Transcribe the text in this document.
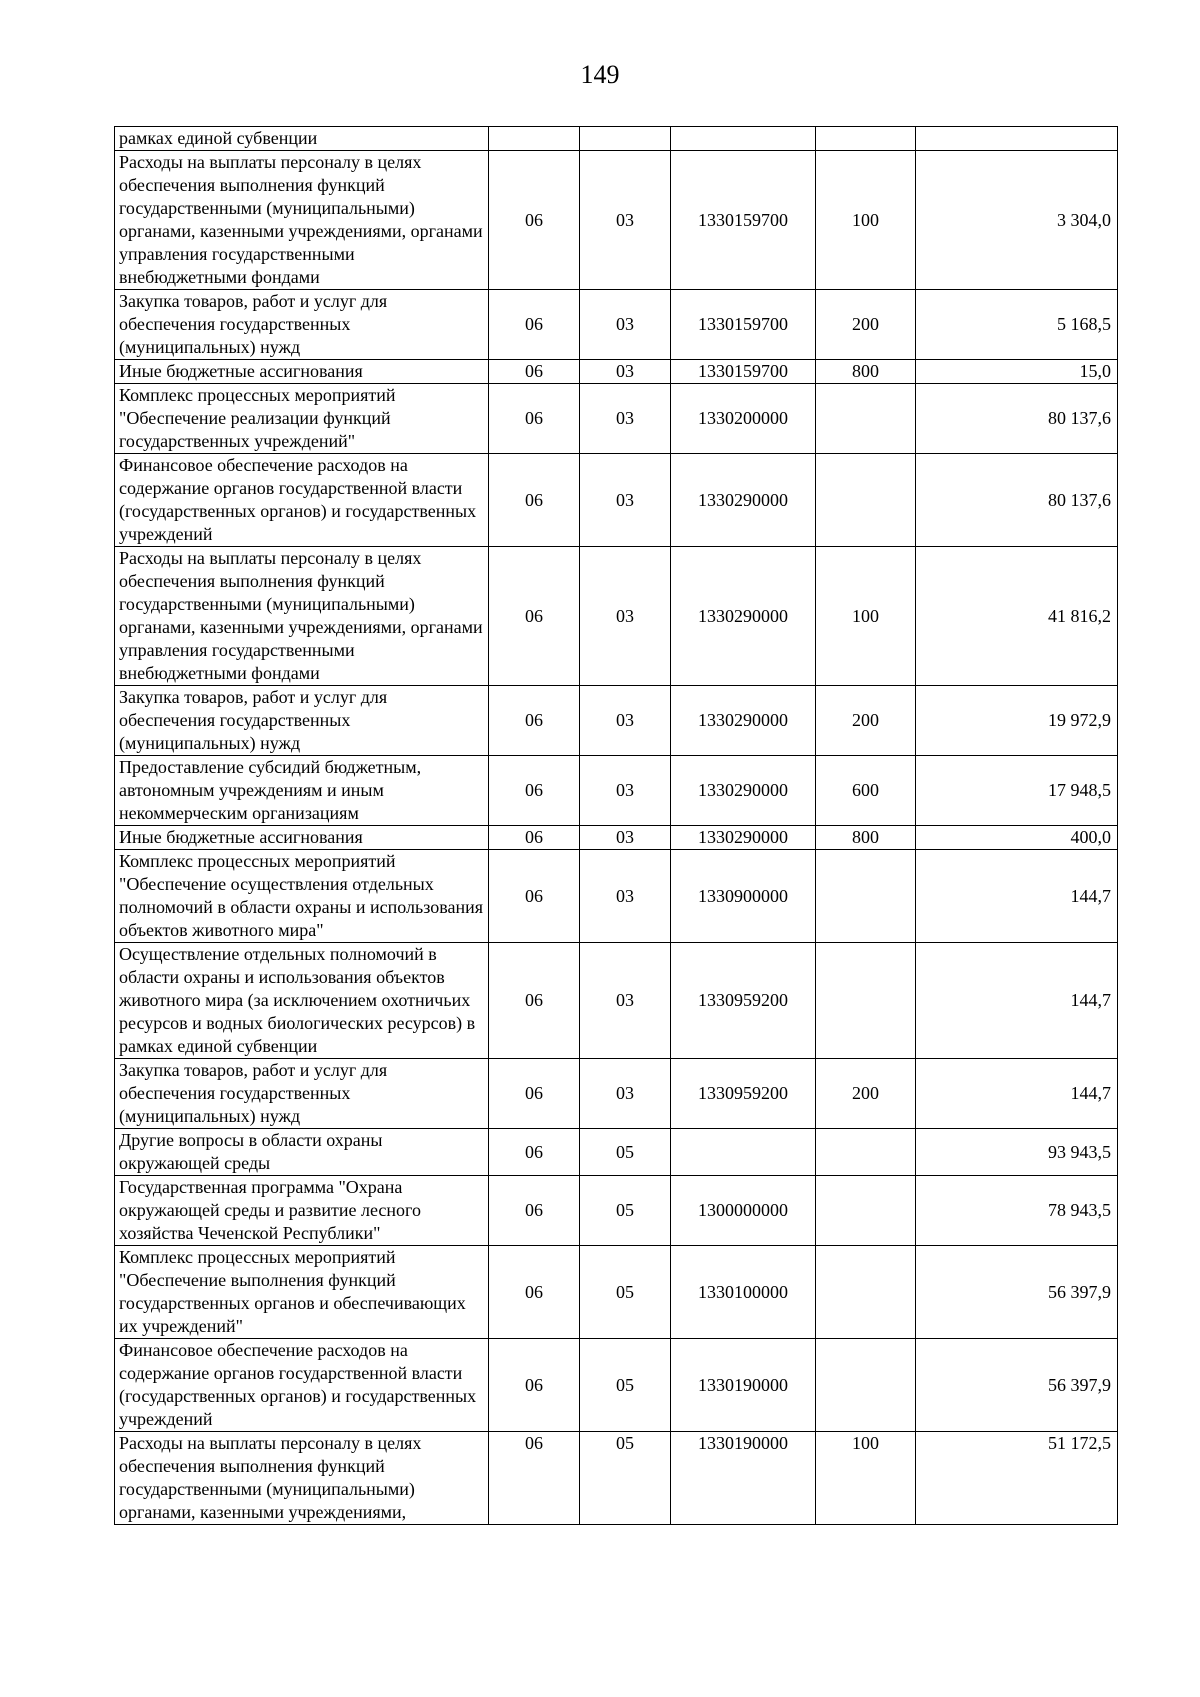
149
рамках единой субвенции					
Расходы на выплаты персоналу в целях обеспечения выполнения функций государственными (муниципальными) органами, казенными учреждениями, органами управления государственными внебюджетными фондами	06	03	1330159700	100	3 304,0
Закупка товаров, работ и услуг для обеспечения государственных (муниципальных) нужд	06	03	1330159700	200	5 168,5
Иные бюджетные ассигнования	06	03	1330159700	800	15,0
Комплекс процессных мероприятий "Обеспечение реализации функций государственных учреждений"	06	03	1330200000		80 137,6
Финансовое обеспечение расходов на содержание органов государственной власти (государственных органов) и государственных учреждений	06	03	1330290000		80 137,6
Расходы на выплаты персоналу в целях обеспечения выполнения функций государственными (муниципальными) органами, казенными учреждениями, органами управления государственными внебюджетными фондами	06	03	1330290000	100	41 816,2
Закупка товаров, работ и услуг для обеспечения государственных (муниципальных) нужд	06	03	1330290000	200	19 972,9
Предоставление субсидий бюджетным, автономным учреждениям и иным некоммерческим организациям	06	03	1330290000	600	17 948,5
Иные бюджетные ассигнования	06	03	1330290000	800	400,0
Комплекс процессных мероприятий "Обеспечение осуществления отдельных полномочий в области охраны и использования объектов животного мира"	06	03	1330900000		144,7
Осуществление отдельных полномочий в области охраны и использования объектов животного мира (за исключением охотничьих ресурсов и водных биологических ресурсов) в рамках единой субвенции	06	03	1330959200		144,7
Закупка товаров, работ и услуг для обеспечения государственных (муниципальных) нужд	06	03	1330959200	200	144,7
Другие вопросы в области охраны окружающей среды	06	05			93 943,5
Государственная программа "Охрана окружающей среды и развитие лесного хозяйства Чеченской Республики"	06	05	1300000000		78 943,5
Комплекс процессных мероприятий "Обеспечение выполнения функций государственных органов и обеспечивающих их учреждений"	06	05	1330100000		56 397,9
Финансовое обеспечение расходов на содержание органов государственной власти (государственных органов) и государственных учреждений	06	05	1330190000		56 397,9
Расходы на выплаты персоналу в целях обеспечения выполнения функций государственными (муниципальными) органами, казенными учреждениями,	06	05	1330190000	100	51 172,5
